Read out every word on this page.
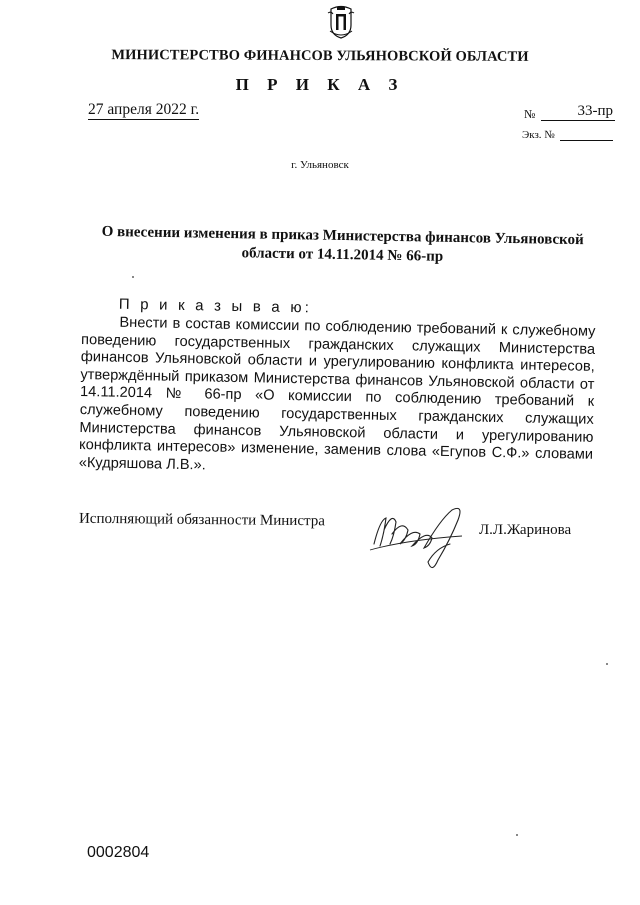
МИНИСТЕРСТВО ФИНАНСОВ УЛЬЯНОВСКОЙ ОБЛАСТИ
П Р И К А З
27 апреля 2022 г.	№	33-пр
Экз. №
г. Ульяновск
О внесении изменения в приказ Министерства финансов Ульяновской области от 14.11.2014 № 66-пр
П р и к а з ы в а ю:

Внести в состав комиссии по соблюдению требований к служебному поведению государственных гражданских служащих Министерства финансов Ульяновской области и урегулированию конфликта интересов, утверждённый приказом Министерства финансов Ульяновской области от 14.11.2014 № 66-пр «О комиссии по соблюдению требований к служебному поведению государственных гражданских служащих Министерства финансов Ульяновской области и урегулированию конфликта интересов» изменение, заменив слова «Егупов С.Ф.» словами «Кудряшова Л.В.».

Исполняющий обязанности Министра
Л.Л.Жаринова
0002804
